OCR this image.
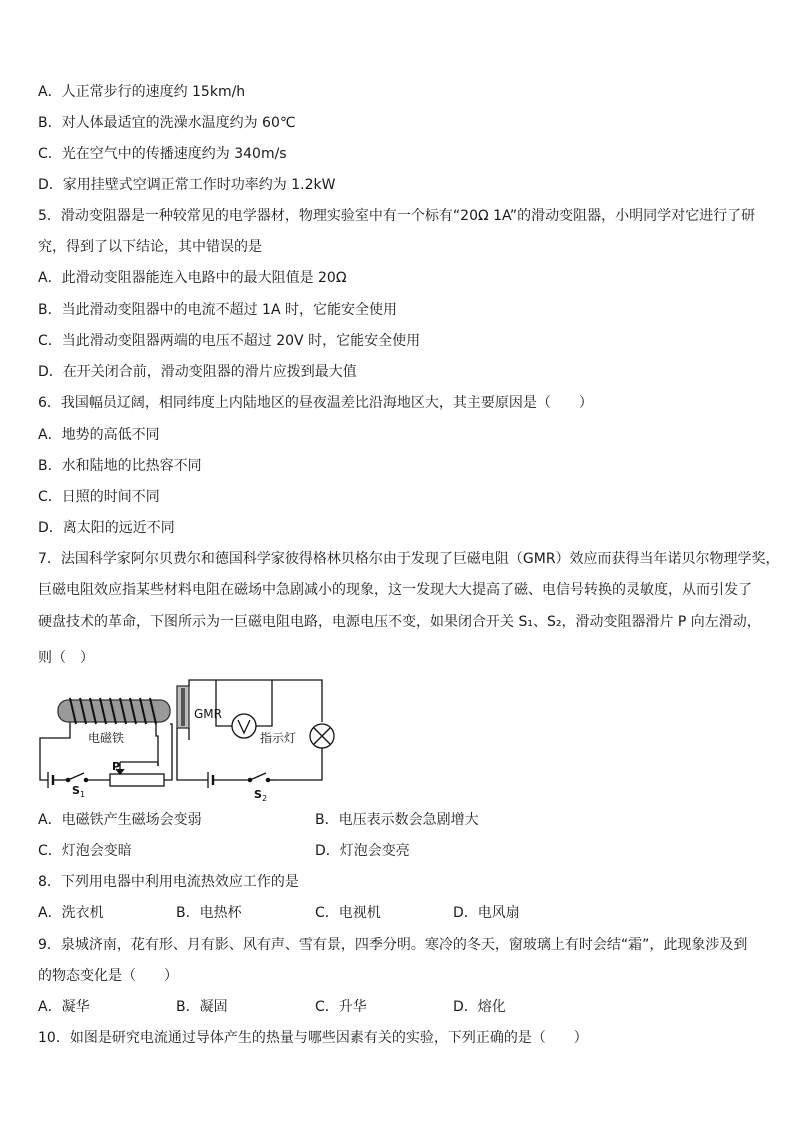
A．人正常步行的速度约 15km/h
B．对人体最适宜的洗澡水温度约为 60℃
C．光在空气中的传播速度约为 340m/s
D．家用挂壁式空调正常工作时功率约为 1.2kW
5．滑动变阻器是一种较常见的电学器材，物理实验室中有一个标有“20Ω 1A”的滑动变阻器，小明同学对它进行了研
究，得到了以下结论，其中错误的是
A．此滑动变阻器能连入电路中的最大阻值是 20Ω
B．当此滑动变阻器中的电流不超过 1A 时，它能安全使用
C．当此滑动变阻器两端的电压不超过 20V 时，它能安全使用
D．在开关闭合前，滑动变阻器的滑片应拨到最大值
6．我国幅员辽阔，相同纬度上内陆地区的昼夜温差比沿海地区大，其主要原因是（　　）
A．地势的高低不同
B．水和陆地的比热容不同
C．日照的时间不同
D．离太阳的远近不同
7．法国科学家阿尔贝费尔和德国科学家彼得格林贝格尔由于发现了巨磁电阻（GMR）效应而获得当年诺贝尔物理学奖，
巨磁电阻效应指某些材料电阻在磁场中急剧减小的现象，这一发现大大提高了磁、电信号转换的灵敏度，从而引发了
硬盘技术的革命，下图所示为一巨磁电阻电路，电源电压不变，如果闭合开关 S₁、S₂，滑动变阻器滑片 P 向左滑动，
则（　）
电磁铁
GMR
指示灯
P
S 1	S 2
A．电磁铁产生磁场会变弱	B．电压表示数会急剧增大
C．灯泡会变暗	D．灯泡会变亮
8．下列用电器中利用电流热效应工作的是
A．洗衣机	B．电热杯	C．电视机	D．电风扇
9．泉城济南，花有形、月有影、风有声、雪有景，四季分明。寒冷的冬天，窗玻璃上有时会结“霜”，此现象涉及到
的物态变化是（　　）
A．凝华	B．凝固	C．升华	D．熔化
10．如图是研究电流通过导体产生的热量与哪些因素有关的实验，下列正确的是（　　）
